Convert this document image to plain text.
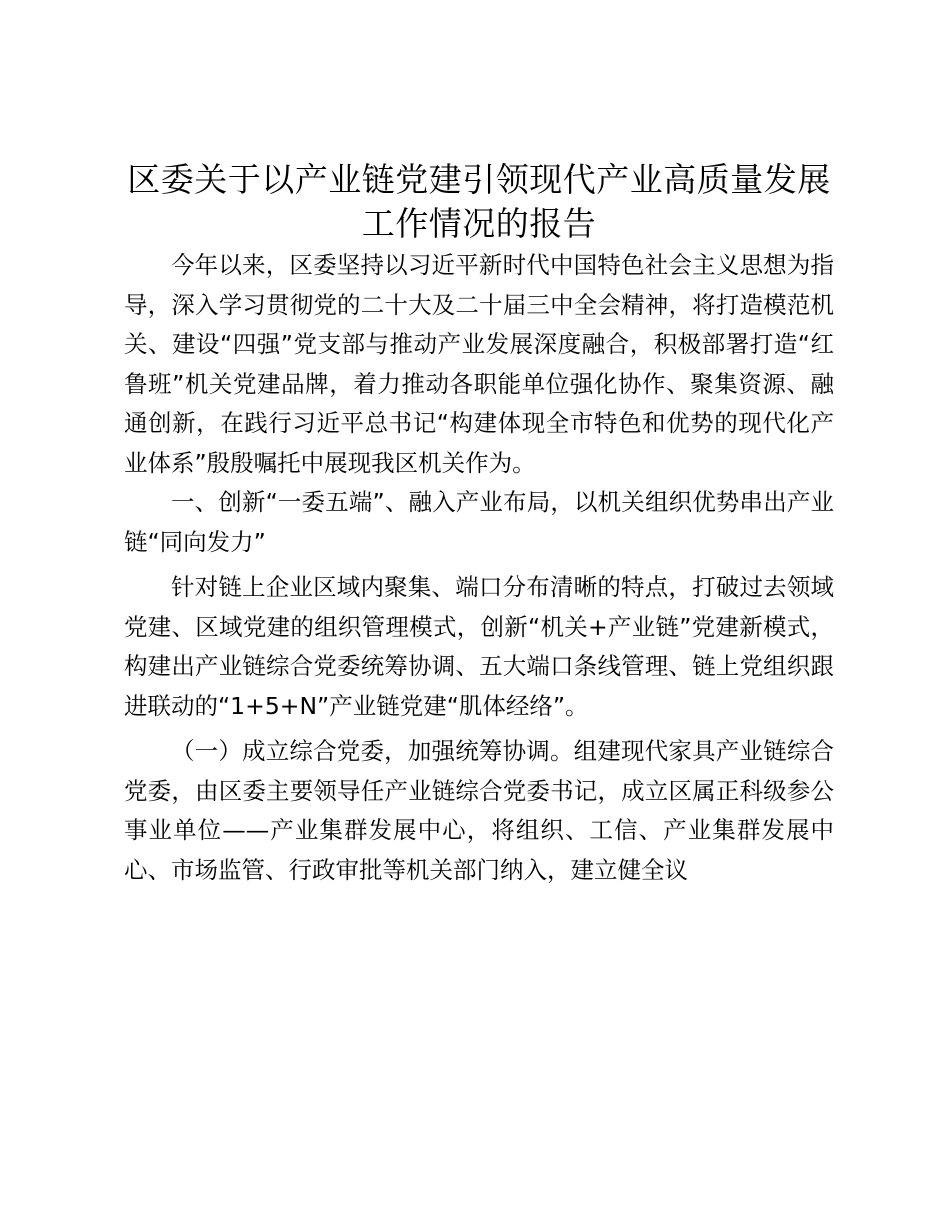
区委关于以产业链党建引领现代产业高质量发展工作情况的报告

今年以来，区委坚持以习近平新时代中国特色社会主义思想为指导，深入学习贯彻党的二十大及二十届三中全会精神，将打造模范机关、建设“四强”党支部与推动产业发展深度融合，积极部署打造“红鲁班”机关党建品牌，着力推动各职能单位强化协作、聚集资源、融通创新，在践行习近平总书记“构建体现全市特色和优势的现代化产业体系”殷殷嘱托中展现我区机关作为。

一、创新“一委五端”、融入产业布局，以机关组织优势串出产业链“同向发力”

针对链上企业区域内聚集、端口分布清晰的特点，打破过去领域党建、区域党建的组织管理模式，创新“机关+产业链”党建新模式，构建出产业链综合党委统筹协调、五大端口条线管理、链上党组织跟进联动的“1+5+N”产业链党建“肌体经络”。

（一）成立综合党委，加强统筹协调。组建现代家具产业链综合党委，由区委主要领导任产业链综合党委书记，成立区属正科级参公事业单位——产业集群发展中心，将组织、工信、产业集群发展中心、市场监管、行政审批等机关部门纳入，建立健全议
